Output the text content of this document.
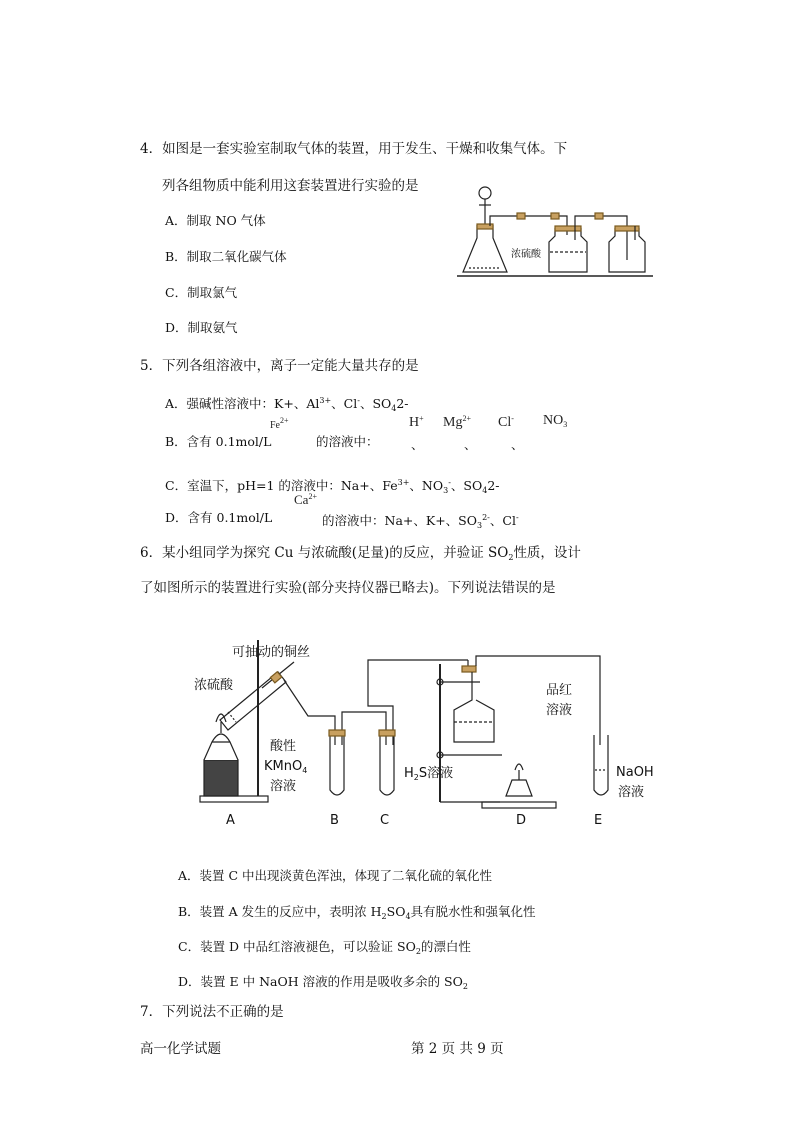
4．如图是一套实验室制取气体的装置，用于发生、干燥和收集气体。下
列各组物质中能利用这套装置进行实验的是
A．制取 NO 气体
B．制取二氧化碳气体
C．制取氯气
D．制取氨气
浓硫酸
5．下列各组溶液中，离子一定能大量共存的是
A．强碱性溶液中：K+、$Al^{3+}$、Cl-、$SO_42-$
B．含有 0.1mol/L
$Fe^{2+}$
的溶液中：
H+
、
$Mg^{2+}$
、
Cl-
、
$NO_3$
C．室温下，pH=1 的溶液中：Na+、$Fe^{3+}$、$NO_3^-$、$SO_42-$
D．含有 0.1mol/L
$Ca^{2+}$
的溶液中：Na+、K+、$SO_3^{2-}$、Cl-
6．某小组同学为探究 Cu 与浓硫酸(足量)的反应，并验证 $SO_2$性质，设计
了如图所示的装置进行实验(部分夹持仪器已略去)。下列说法错误的是
可抽动的铜丝
浓硫酸
酸性
KMnO$_4$
溶液
$H_2S$溶液
品红
溶液
NaOH
溶液
A	B	C	D	E
A．装置 C 中出现淡黄色浑浊，体现了二氧化硫的氧化性
B．装置 A 发生的反应中，表明浓 $H_2SO_4$具有脱水性和强氧化性
C．装置 D 中品红溶液褪色，可以验证 $SO_2$的漂白性
D．装置 E 中 NaOH 溶液的作用是吸收多余的 $SO_2$
7．下列说法不正确的是
高一化学试题	第 2 页 共 9 页
